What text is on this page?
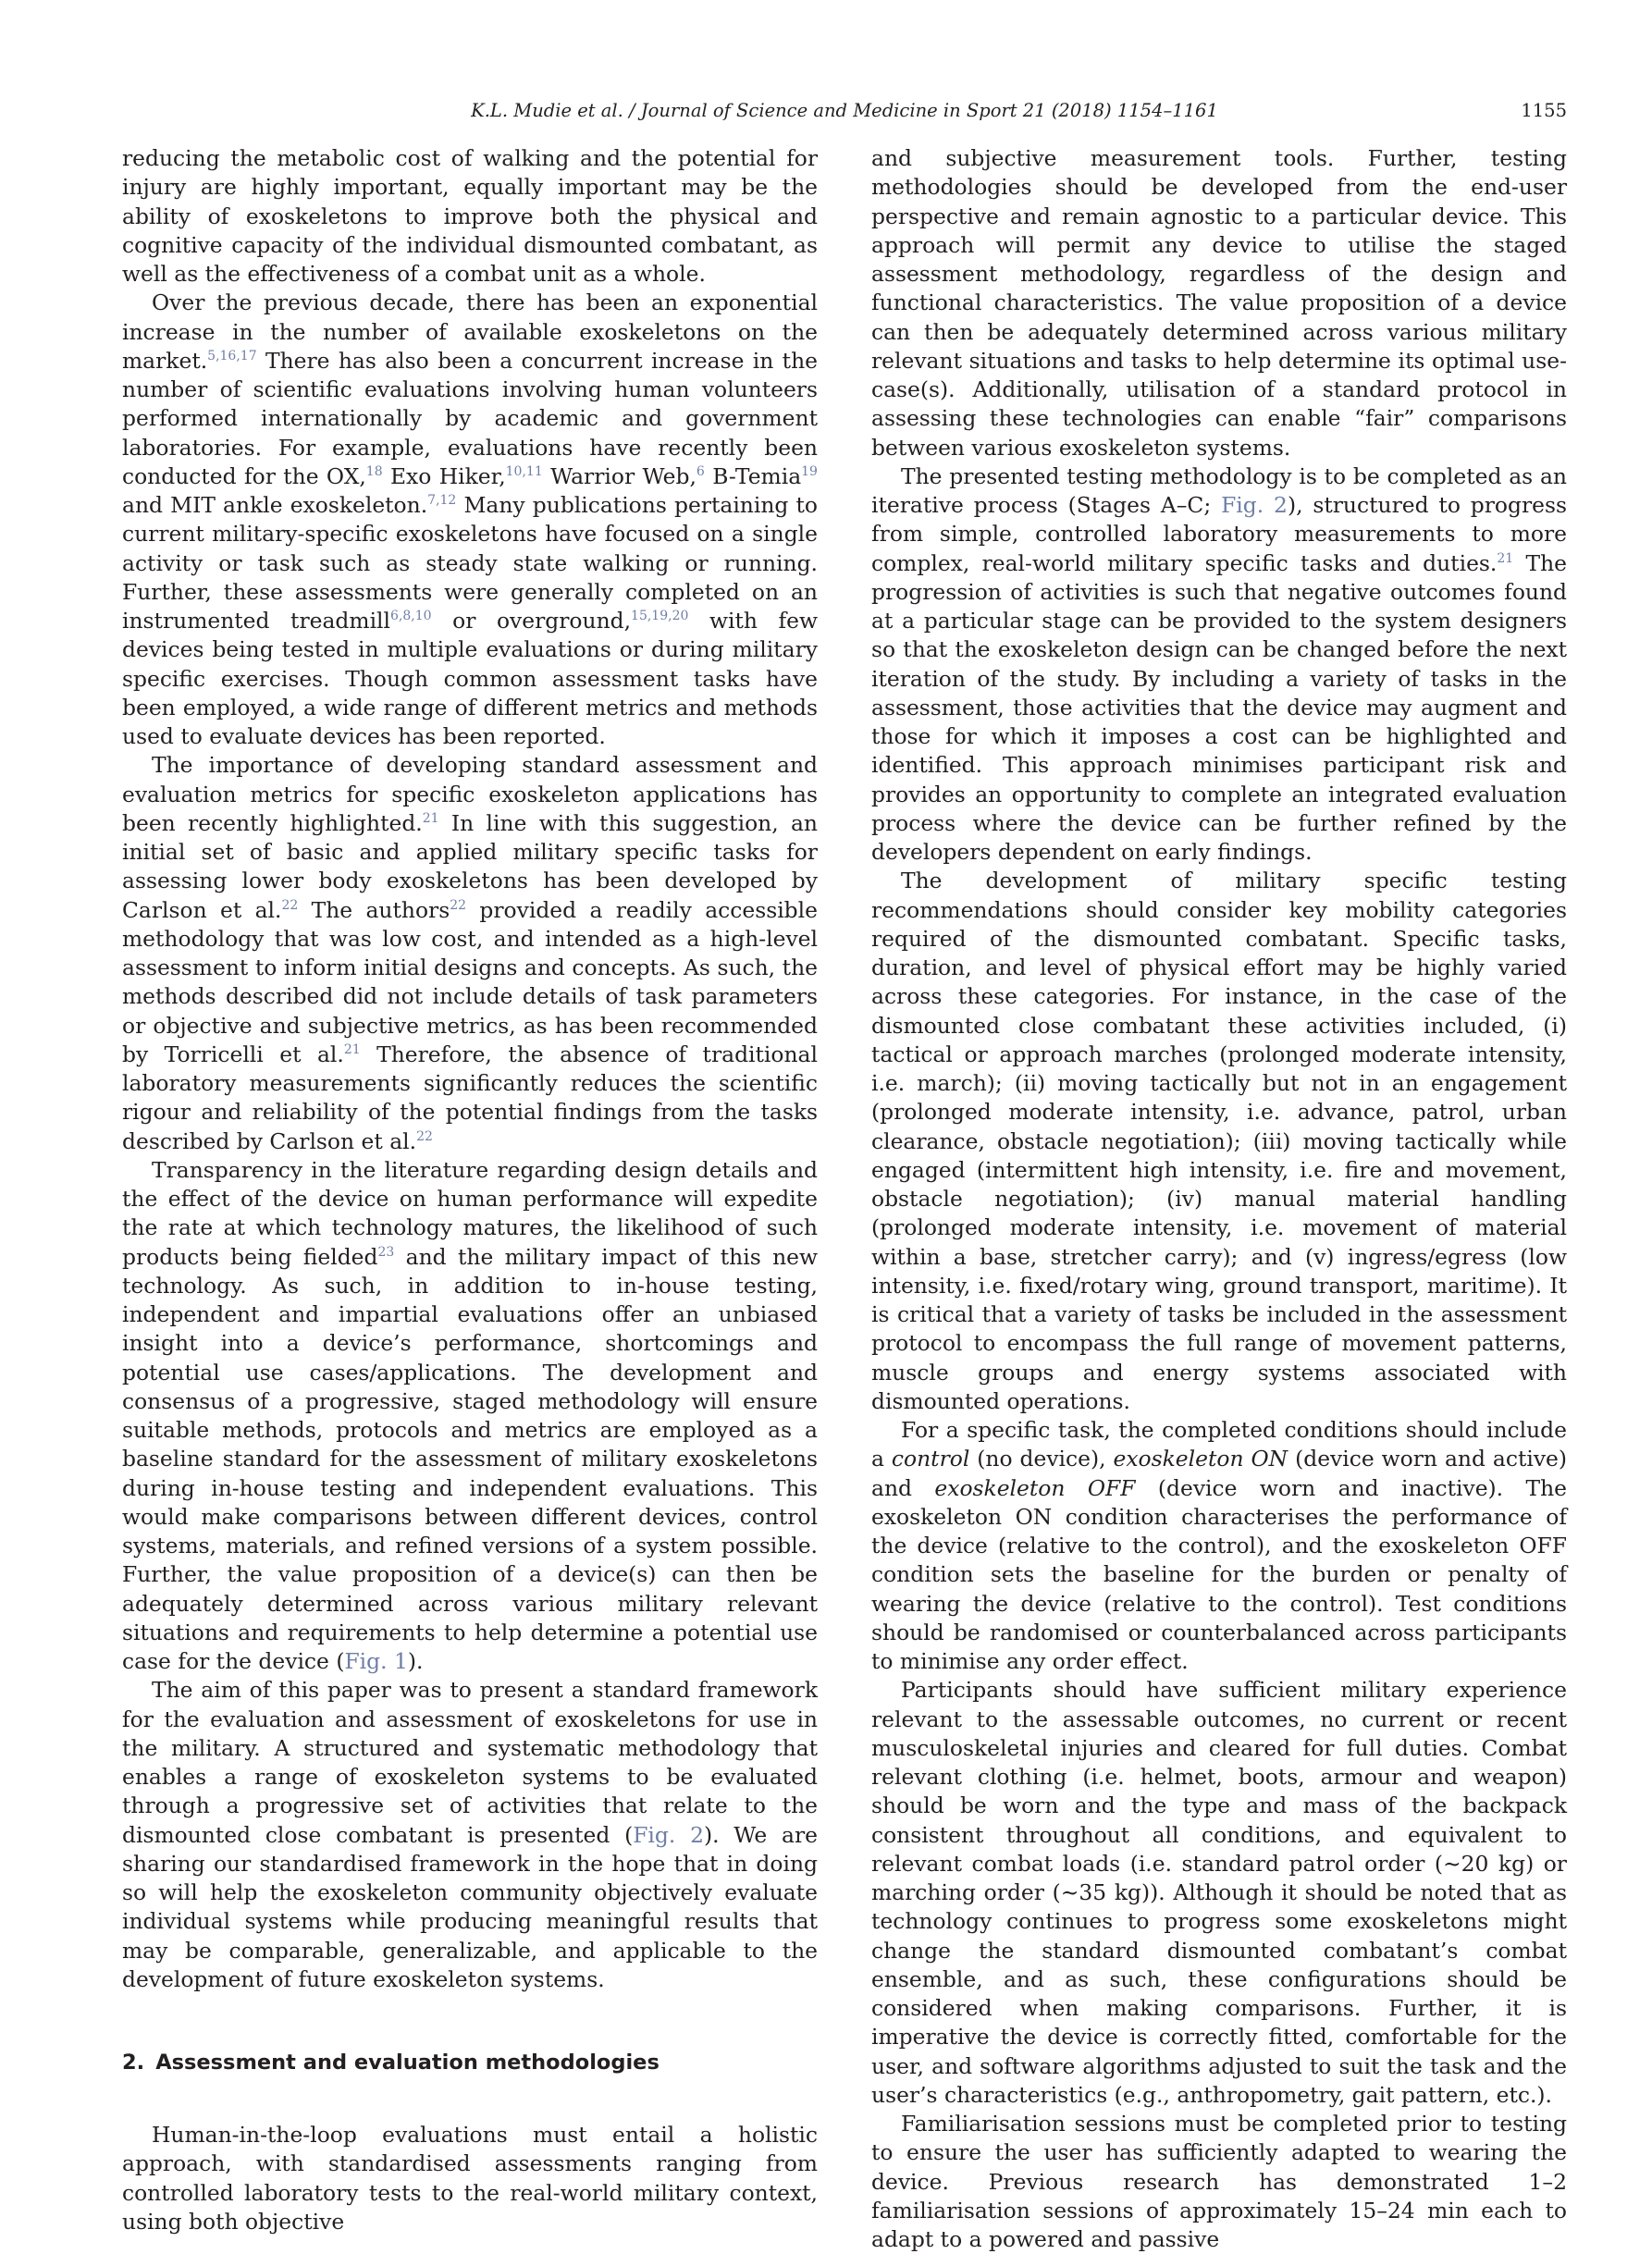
K.L. Mudie et al. / Journal of Science and Medicine in Sport 21 (2018) 1154–1161	1155

reducing the metabolic cost of walking and the potential for injury are highly important, equally important may be the ability of exoskeletons to improve both the physical and cognitive capacity of the individual dismounted combatant, as well as the effectiveness of a combat unit as a whole.

Over the previous decade, there has been an exponential increase in the number of available exoskeletons on the market.$^{5,16,17}$ There has also been a concurrent increase in the number of scientific evaluations involving human volunteers performed internationally by academic and government laboratories. For example, evaluations have recently been conducted for the OX,$^{18}$ Exo Hiker,$^{10,11}$ Warrior Web,$^6$ B-Temia$^{19}$ and MIT ankle exoskeleton.$^{7,12}$ Many publications pertaining to current military-specific exoskeletons have focused on a single activity or task such as steady state walking or running. Further, these assessments were generally completed on an instrumented treadmill$^{6,8,10}$ or overground,$^{15,19,20}$ with few devices being tested in multiple evaluations or during military specific exercises. Though common assessment tasks have been employed, a wide range of different metrics and methods used to evaluate devices has been reported.

The importance of developing standard assessment and evaluation metrics for specific exoskeleton applications has been recently highlighted.$^{21}$ In line with this suggestion, an initial set of basic and applied military specific tasks for assessing lower body exoskeletons has been developed by Carlson et al.$^{22}$ The authors$^{22}$ provided a readily accessible methodology that was low cost, and intended as a high-level assessment to inform initial designs and concepts. As such, the methods described did not include details of task parameters or objective and subjective metrics, as has been recommended by Torricelli et al.$^{21}$ Therefore, the absence of traditional laboratory measurements significantly reduces the scientific rigour and reliability of the potential findings from the tasks described by Carlson et al.$^{22}$

Transparency in the literature regarding design details and the effect of the device on human performance will expedite the rate at which technology matures, the likelihood of such products being fielded$^{23}$ and the military impact of this new technology. As such, in addition to in-house testing, independent and impartial evaluations offer an unbiased insight into a device’s performance, shortcomings and potential use cases/applications. The development and consensus of a progressive, staged methodology will ensure suitable methods, protocols and metrics are employed as a baseline standard for the assessment of military exoskeletons during in-house testing and independent evaluations. This would make comparisons between different devices, control systems, materials, and refined versions of a system possible. Further, the value proposition of a device(s) can then be adequately determined across various military relevant situations and requirements to help determine a potential use case for the device (Fig. 1).

The aim of this paper was to present a standard framework for the evaluation and assessment of exoskeletons for use in the military. A structured and systematic methodology that enables a range of exoskeleton systems to be evaluated through a progressive set of activities that relate to the dismounted close combatant is presented (Fig. 2). We are sharing our standardised framework in the hope that in doing so will help the exoskeleton community objectively evaluate individual systems while producing meaningful results that may be comparable, generalizable, and applicable to the development of future exoskeleton systems.

2. Assessment and evaluation methodologies

Human-in-the-loop evaluations must entail a holistic approach, with standardised assessments ranging from controlled laboratory tests to the real-world military context, using both objective

and subjective measurement tools. Further, testing methodologies should be developed from the end-user perspective and remain agnostic to a particular device. This approach will permit any device to utilise the staged assessment methodology, regardless of the design and functional characteristics. The value proposition of a device can then be adequately determined across various military relevant situations and tasks to help determine its optimal use-case(s). Additionally, utilisation of a standard protocol in assessing these technologies can enable “fair” comparisons between various exoskeleton systems.

The presented testing methodology is to be completed as an iterative process (Stages A–C; Fig. 2), structured to progress from simple, controlled laboratory measurements to more complex, real-world military specific tasks and duties.$^{21}$ The progression of activities is such that negative outcomes found at a particular stage can be provided to the system designers so that the exoskeleton design can be changed before the next iteration of the study. By including a variety of tasks in the assessment, those activities that the device may augment and those for which it imposes a cost can be highlighted and identified. This approach minimises participant risk and provides an opportunity to complete an integrated evaluation process where the device can be further refined by the developers dependent on early findings.

The development of military specific testing recommendations should consider key mobility categories required of the dismounted combatant. Specific tasks, duration, and level of physical effort may be highly varied across these categories. For instance, in the case of the dismounted close combatant these activities included, (i) tactical or approach marches (prolonged moderate intensity, i.e. march); (ii) moving tactically but not in an engagement (prolonged moderate intensity, i.e. advance, patrol, urban clearance, obstacle negotiation); (iii) moving tactically while engaged (intermittent high intensity, i.e. fire and movement, obstacle negotiation); (iv) manual material handling (prolonged moderate intensity, i.e. movement of material within a base, stretcher carry); and (v) ingress/egress (low intensity, i.e. fixed/rotary wing, ground transport, maritime). It is critical that a variety of tasks be included in the assessment protocol to encompass the full range of movement patterns, muscle groups and energy systems associated with dismounted operations.

For a specific task, the completed conditions should include a control (no device), exoskeleton ON (device worn and active) and exoskeleton OFF (device worn and inactive). The exoskeleton ON condition characterises the performance of the device (relative to the control), and the exoskeleton OFF condition sets the baseline for the burden or penalty of wearing the device (relative to the control). Test conditions should be randomised or counterbalanced across participants to minimise any order effect.

Participants should have sufficient military experience relevant to the assessable outcomes, no current or recent musculoskeletal injuries and cleared for full duties. Combat relevant clothing (i.e. helmet, boots, armour and weapon) should be worn and the type and mass of the backpack consistent throughout all conditions, and equivalent to relevant combat loads (i.e. standard patrol order (∼20 kg) or marching order (∼35 kg)). Although it should be noted that as technology continues to progress some exoskeletons might change the standard dismounted combatant’s combat ensemble, and as such, these configurations should be considered when making comparisons. Further, it is imperative the device is correctly fitted, comfortable for the user, and software algorithms adjusted to suit the task and the user’s characteristics (e.g., anthropometry, gait pattern, etc.).

Familiarisation sessions must be completed prior to testing to ensure the user has sufficiently adapted to wearing the device. Previous research has demonstrated 1–2 familiarisation sessions of approximately 15–24 min each to adapt to a powered and passive
